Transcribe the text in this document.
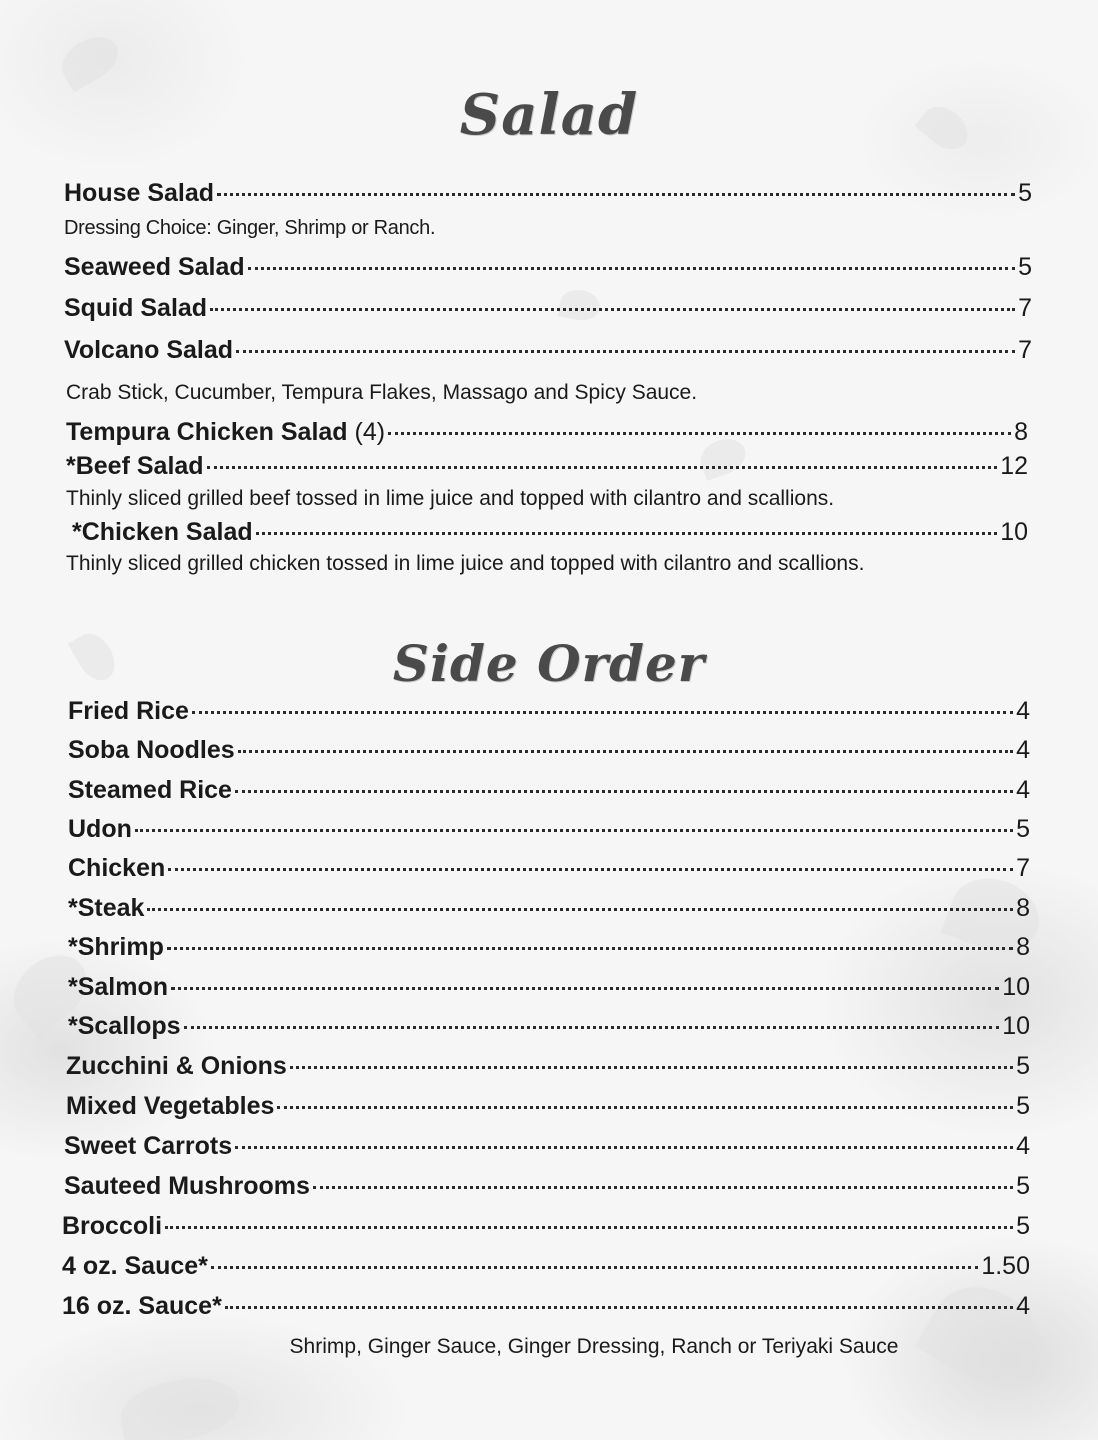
Salad
House Salad	5
Dressing Choice: Ginger, Shrimp or Ranch.
Seaweed Salad	5
Squid Salad	7
Volcano Salad	7
Crab Stick, Cucumber, Tempura Flakes, Massago and Spicy Sauce.
Tempura Chicken Salad (4)	8
*Beef Salad	12
Thinly sliced grilled beef tossed in lime juice and topped with cilantro and scallions.
*Chicken Salad	10
Thinly sliced grilled chicken tossed in lime juice and topped with cilantro and scallions.
Side Order
Fried Rice	4
Soba Noodles	4
Steamed Rice	4
Udon	5
Chicken	7
*Steak	8
*Shrimp	8
*Salmon	10
*Scallops	10
Zucchini & Onions	5
Mixed Vegetables	5
Sweet Carrots	4
Sauteed Mushrooms	5
Broccoli	5
4 oz. Sauce*	1.50
16 oz. Sauce*	4
Shrimp, Ginger Sauce, Ginger Dressing, Ranch or Teriyaki Sauce
